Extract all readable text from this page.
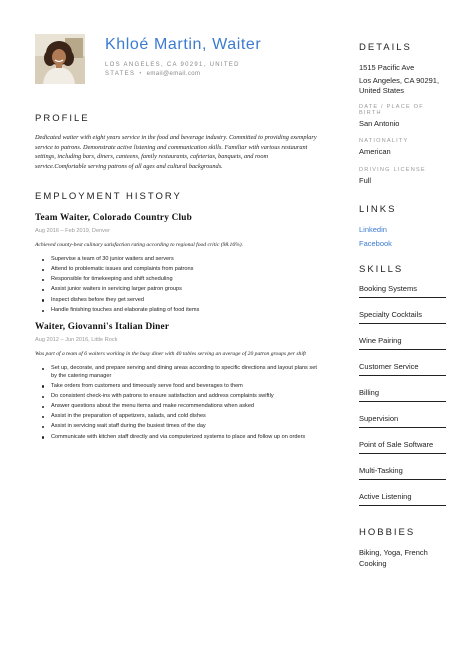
Khloé Martin, Waiter
LOS ANGELES, CA 90291, UNITED
STATES • email@email.com
PROFILE
Dedicated waiter with eight years service in the food and beverage industry. Committed to providing exemplary service to patrons. Demonstrate active listening and communication skills. Familiar with various restaurant settings, including bars, diners, canteens, family restaurants, cafeterias, banquets, and room service.Comfortable serving patrons of all ages and cultural backgrounds.
EMPLOYMENT HISTORY
Team Waiter, Colorado Country Club
Aug 2016 – Feb 2019, Denver
Achieved county-best culinary satisfaction rating according to regional food critic (98.16%).
Supervise a team of 30 junior waiters and servers
Attend to problematic issues and complaints from patrons
Responsible for timekeeping and shift scheduling
Assist junior waiters in servicing larger patron groups
Inspect dishes before they get served
Handle finishing touches and elaborate plating of food items
Waiter, Giovanni's Italian Diner
Aug 2012 – Jun 2016, Little Rock
Was part of a team of 6 waiters working in the busy diner with 40 tables serving an average of 20 patron groups per shift
Set up, decorate, and prepare serving and dining areas according to specific directions and layout plans set by the catering manager
Take orders from customers and timeously serve food and beverages to them
Do consistent check-ins with patrons to ensure satisfaction and address complaints swiftly
Answer questions about the menu items and make recommendations when asked
Assist in the preparation of appetizers, salads, and cold dishes
Assist in servicing wait staff during the busiest times of the day
Communicate with kitchen staff directly and via computerized systems to place and follow up on orders
DETAILS
1515 Pacific Ave
Los Angeles, CA 90291,
United States
DATE / PLACE OF BIRTH
San Antonio
NATIONALITY
American
DRIVING LICENSE
Full
LINKS
Linkedin
Facebook
SKILLS
Booking Systems
Specialty Cocktails
Wine Pairing
Customer Service
Billing
Supervision
Point of Sale Software
Multi-Tasking
Active Listening
HOBBIES
Biking, Yoga, French
Cooking
